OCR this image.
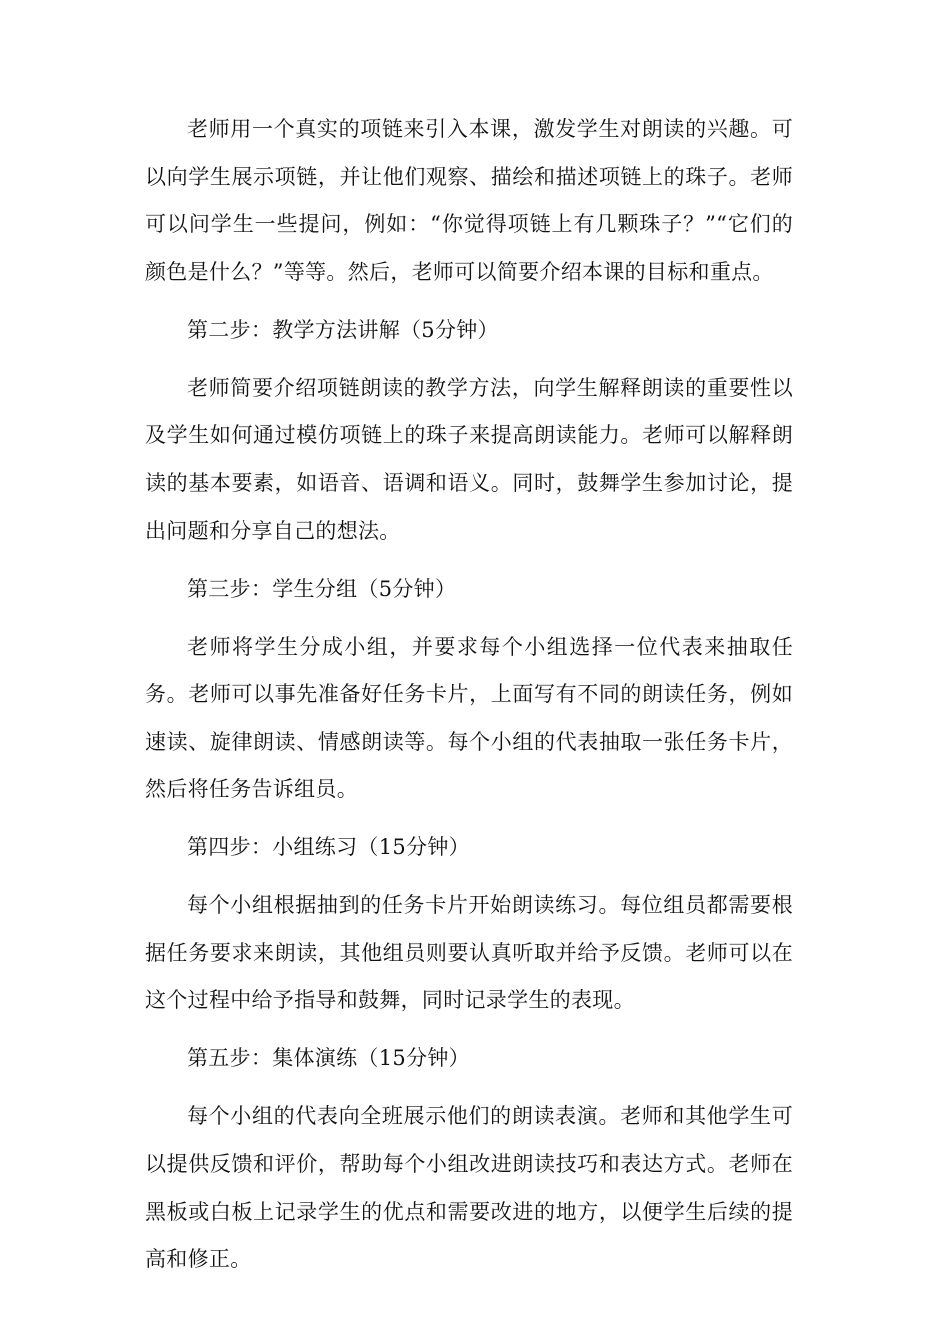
老师用一个真实的项链来引入本课，激发学生对朗读的兴趣。可以向学生展示项链，并让他们观察、描绘和描述项链上的珠子。老师可以问学生一些提问，例如：“你觉得项链上有几颗珠子？”“它们的颜色是什么？”等等。然后，老师可以简要介绍本课的目标和重点。

第二步：教学方法讲解（5分钟）

老师简要介绍项链朗读的教学方法，向学生解释朗读的重要性以及学生如何通过模仿项链上的珠子来提高朗读能力。老师可以解释朗读的基本要素，如语音、语调和语义。同时，鼓舞学生参加讨论，提出问题和分享自己的想法。

第三步：学生分组（5分钟）

老师将学生分成小组，并要求每个小组选择一位代表来抽取任务。老师可以事先准备好任务卡片，上面写有不同的朗读任务，例如速读、旋律朗读、情感朗读等。每个小组的代表抽取一张任务卡片，然后将任务告诉组员。

第四步：小组练习（15分钟）

每个小组根据抽到的任务卡片开始朗读练习。每位组员都需要根据任务要求来朗读，其他组员则要认真听取并给予反馈。老师可以在这个过程中给予指导和鼓舞，同时记录学生的表现。

第五步：集体演练（15分钟）

每个小组的代表向全班展示他们的朗读表演。老师和其他学生可以提供反馈和评价，帮助每个小组改进朗读技巧和表达方式。老师在黑板或白板上记录学生的优点和需要改进的地方，以便学生后续的提高和修正。
